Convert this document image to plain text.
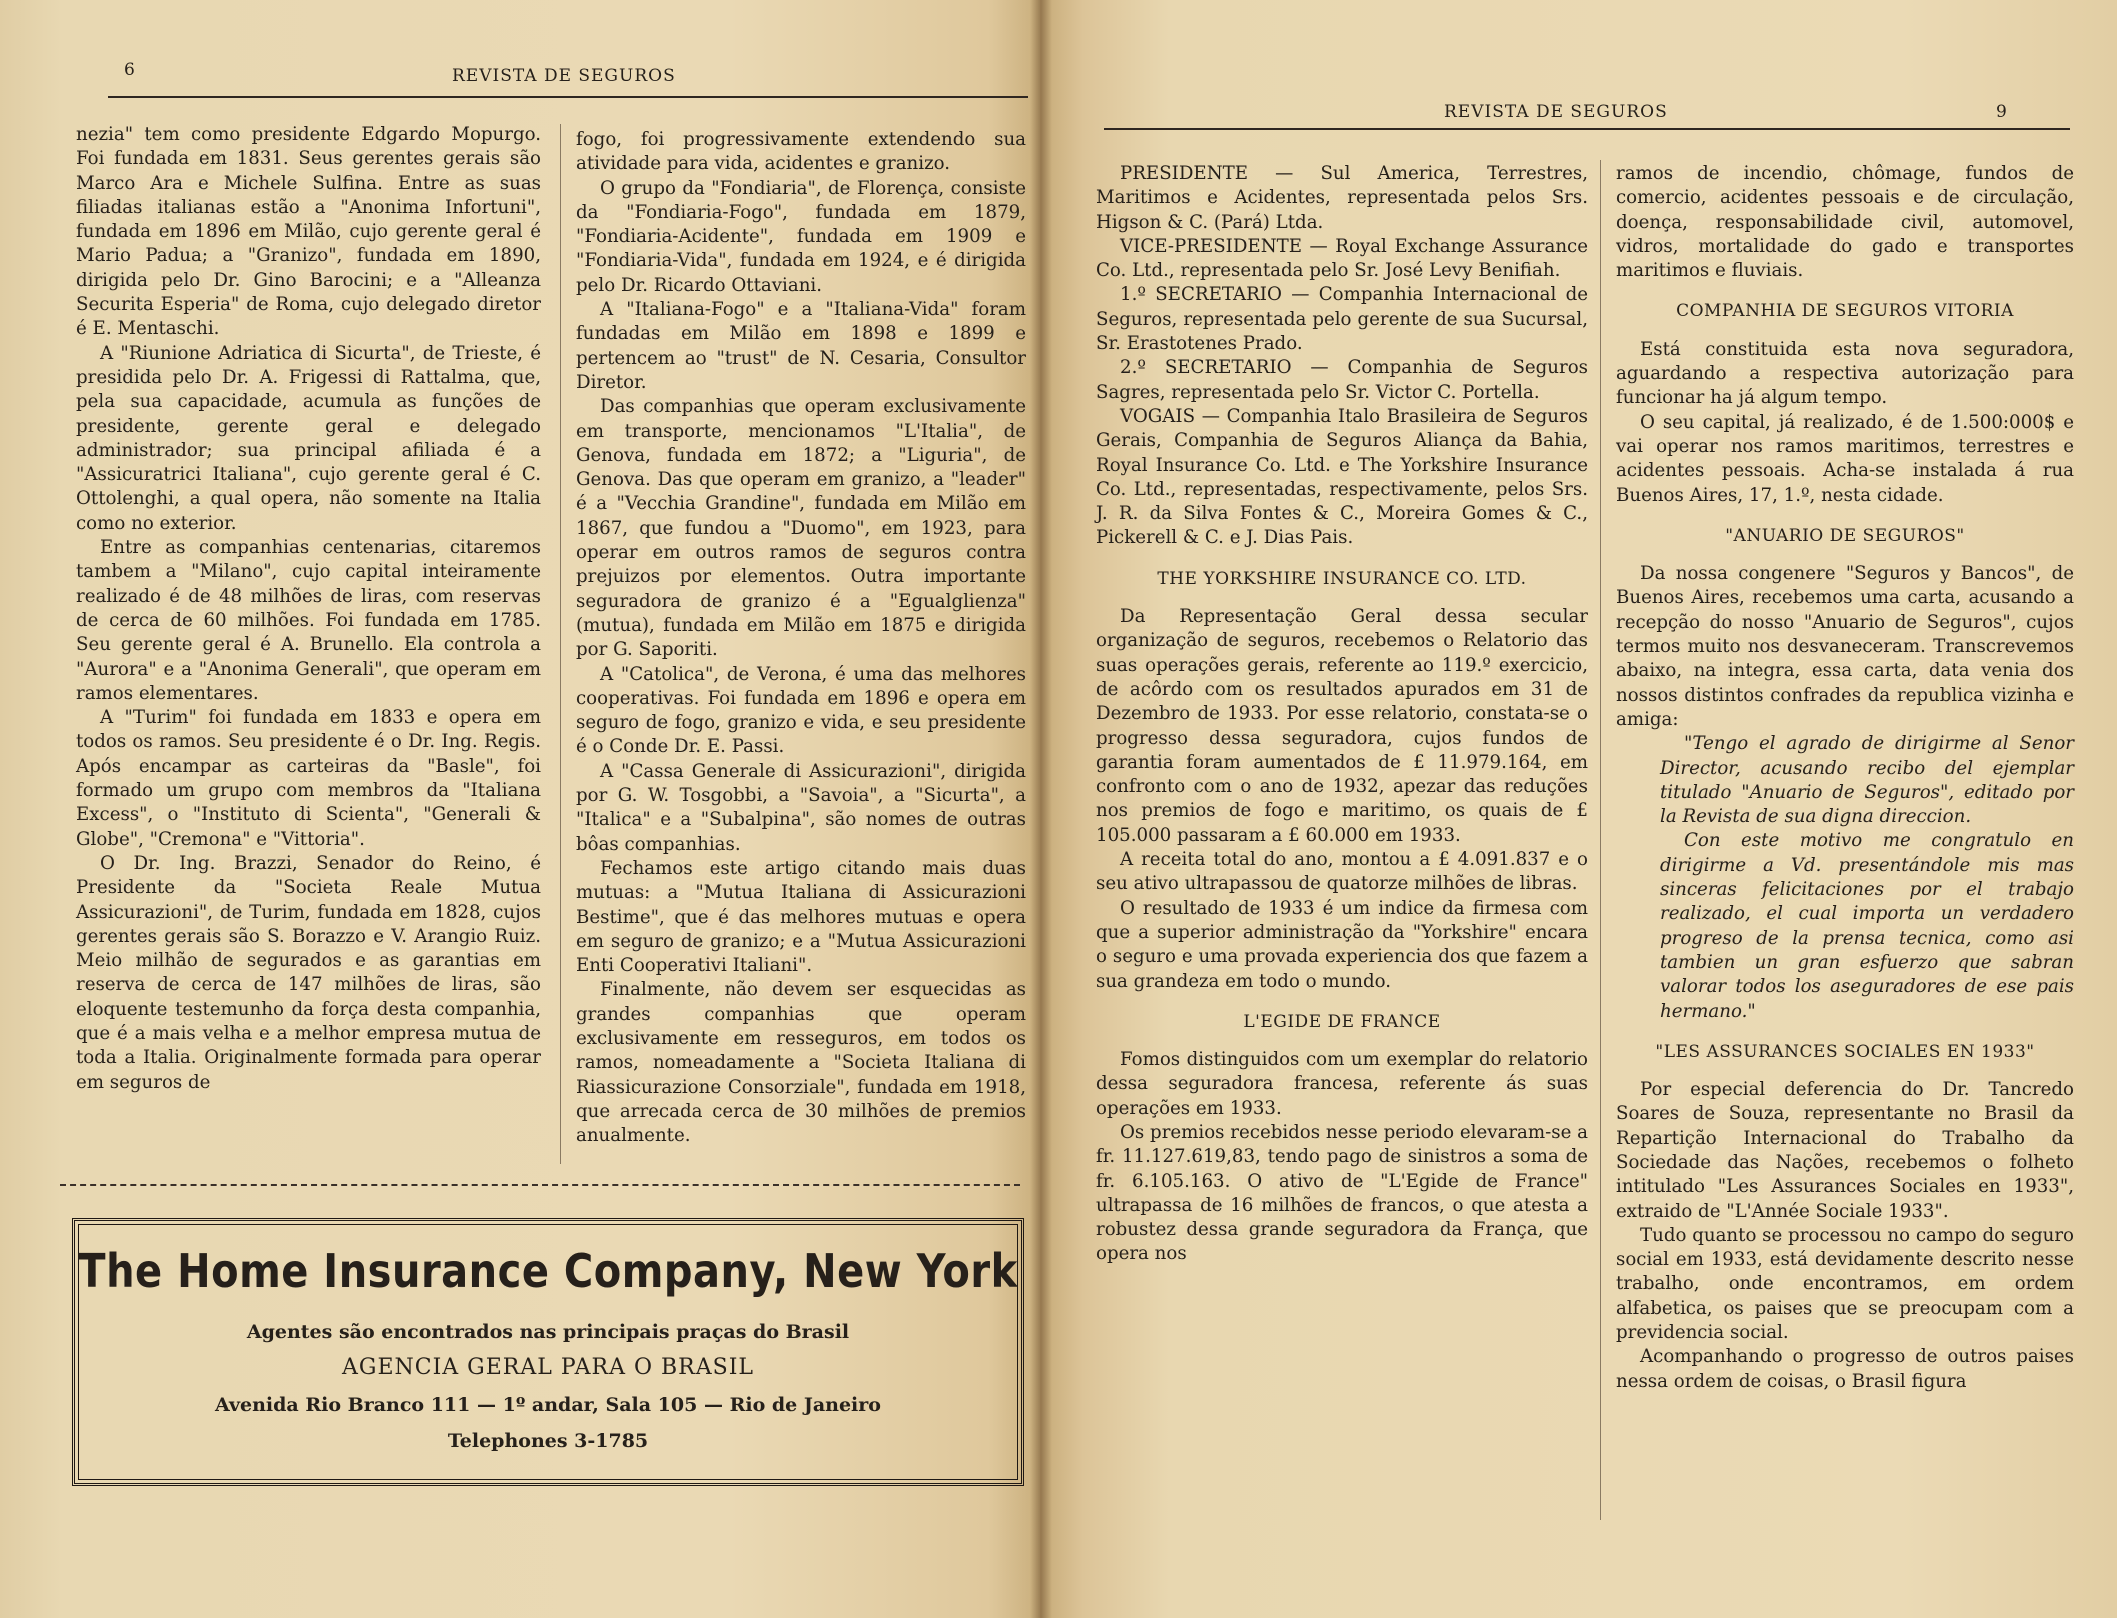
6	REVISTA DE SEGUROS

nezia" tem como presidente Edgardo Mopurgo. Foi fundada em 1831. Seus gerentes gerais são Marco Ara e Michele Sulfina. Entre as suas filiadas italianas estão a "Anonima Infortuni", fundada em 1896 em Milão, cujo gerente geral é Mario Padua; a "Granizo", fundada em 1890, dirigida pelo Dr. Gino Barocini; e a "Alleanza Securita Esperia" de Roma, cujo delegado diretor é E. Mentaschi.

A "Riunione Adriatica di Sicurta", de Trieste, é presidida pelo Dr. A. Frigessi di Rattalma, que, pela sua capacidade, acumula as funções de presidente, gerente geral e delegado administrador; sua principal afiliada é a "Assicuratrici Italiana", cujo gerente geral é C. Ottolenghi, a qual opera, não somente na Italia como no exterior.

Entre as companhias centenarias, citaremos tambem a "Milano", cujo capital inteiramente realizado é de 48 milhões de liras, com reservas de cerca de 60 milhões. Foi fundada em 1785. Seu gerente geral é A. Brunello. Ela controla a "Aurora" e a "Anonima Generali", que operam em ramos elementares.

A "Turim" foi fundada em 1833 e opera em todos os ramos. Seu presidente é o Dr. Ing. Regis. Após encampar as carteiras da "Basle", foi formado um grupo com membros da "Italiana Excess", o "Instituto di Scienta", "Generali & Globe", "Cremona" e "Vittoria".

O Dr. Ing. Brazzi, Senador do Reino, é Presidente da "Societa Reale Mutua Assicurazioni", de Turim, fundada em 1828, cujos gerentes gerais são S. Borazzo e V. Arangio Ruiz. Meio milhão de segurados e as garantias em reserva de cerca de 147 milhões de liras, são eloquente testemunho da força desta companhia, que é a mais velha e a melhor empresa mutua de toda a Italia. Originalmente formada para operar em seguros de

fogo, foi progressivamente extendendo sua atividade para vida, acidentes e granizo.

O grupo da "Fondiaria", de Florença, consiste da "Fondiaria-Fogo", fundada em 1879, "Fondiaria-Acidente", fundada em 1909 e "Fondiaria-Vida", fundada em 1924, e é dirigida pelo Dr. Ricardo Ottaviani.

A "Italiana-Fogo" e a "Italiana-Vida" foram fundadas em Milão em 1898 e 1899 e pertencem ao "trust" de N. Cesaria, Consultor Diretor.

Das companhias que operam exclusivamente em transporte, mencionamos "L'Italia", de Genova, fundada em 1872; a "Liguria", de Genova. Das que operam em granizo, a "leader" é a "Vecchia Grandine", fundada em Milão em 1867, que fundou a "Duomo", em 1923, para operar em outros ramos de seguros contra prejuizos por elementos. Outra importante seguradora de granizo é a "Egualglienza" (mutua), fundada em Milão em 1875 e dirigida por G. Saporiti.

A "Catolica", de Verona, é uma das melhores cooperativas. Foi fundada em 1896 e opera em seguro de fogo, granizo e vida, e seu presidente é o Conde Dr. E. Passi.

A "Cassa Generale di Assicurazioni", dirigida por G. W. Tosgobbi, a "Savoia", a "Sicurta", a "Italica" e a "Subalpina", são nomes de outras bôas companhias.

Fechamos este artigo citando mais duas mutuas: a "Mutua Italiana di Assicurazioni Bestime", que é das melhores mutuas e opera em seguro de granizo; e a "Mutua Assicurazioni Enti Cooperativi Italiani".

Finalmente, não devem ser esquecidas as grandes companhias que operam exclusivamente em resseguros, em todos os ramos, nomeadamente a "Societa Italiana di Riassicurazione Consorziale", fundada em 1918, que arrecada cerca de 30 milhões de premios anualmente.

The Home Insurance Company, New York
Agentes são encontrados nas principais praças do Brasil
AGENCIA GERAL PARA O BRASIL
Avenida Rio Branco 111 — 1º andar, Sala 105 — Rio de Janeiro
Telephones 3-1785
REVISTA DE SEGUROS	9

PRESIDENTE — Sul America, Terrestres, Maritimos e Acidentes, representada pelos Srs. Higson & C. (Pará) Ltda.

VICE-PRESIDENTE — Royal Exchange Assurance Co. Ltd., representada pelo Sr. José Levy Benifiah.

1.º SECRETARIO — Companhia Internacional de Seguros, representada pelo gerente de sua Sucursal, Sr. Erastotenes Prado.

2.º SECRETARIO — Companhia de Seguros Sagres, representada pelo Sr. Victor C. Portella.

VOGAIS — Companhia Italo Brasileira de Seguros Gerais, Companhia de Seguros Aliança da Bahia, Royal Insurance Co. Ltd. e The Yorkshire Insurance Co. Ltd., representadas, respectivamente, pelos Srs. J. R. da Silva Fontes & C., Moreira Gomes & C., Pickerell & C. e J. Dias Pais.

THE YORKSHIRE INSURANCE CO. LTD.

Da Representação Geral dessa secular organização de seguros, recebemos o Relatorio das suas operações gerais, referente ao 119.º exercicio, de acôrdo com os resultados apurados em 31 de Dezembro de 1933. Por esse relatorio, constata-se o progresso dessa seguradora, cujos fundos de garantia foram aumentados de £ 11.979.164, em confronto com o ano de 1932, apezar das reduções nos premios de fogo e maritimo, os quais de £ 105.000 passaram a £ 60.000 em 1933.

A receita total do ano, montou a £ 4.091.837 e o seu ativo ultrapassou de quatorze milhões de libras.

O resultado de 1933 é um indice da firmesa com que a superior administração da "Yorkshire" encara o seguro e uma provada experiencia dos que fazem a sua grandeza em todo o mundo.

L'EGIDE DE FRANCE

Fomos distinguidos com um exemplar do relatorio dessa seguradora francesa, referente ás suas operações em 1933.

Os premios recebidos nesse periodo elevaram-se a fr. 11.127.619,83, tendo pago de sinistros a soma de fr. 6.105.163. O ativo de "L'Egide de France" ultrapassa de 16 milhões de francos, o que atesta a robustez dessa grande seguradora da França, que opera nos

ramos de incendio, chômage, fundos de comercio, acidentes pessoais e de circulação, doença, responsabilidade civil, automovel, vidros, mortalidade do gado e transportes maritimos e fluviais.

COMPANHIA DE SEGUROS VITORIA

Está constituida esta nova seguradora, aguardando a respectiva autorização para funcionar ha já algum tempo.

O seu capital, já realizado, é de 1.500:000$ e vai operar nos ramos maritimos, terrestres e acidentes pessoais. Acha-se instalada á rua Buenos Aires, 17, 1.º, nesta cidade.

"ANUARIO DE SEGUROS"

Da nossa congenere "Seguros y Bancos", de Buenos Aires, recebemos uma carta, acusando a recepção do nosso "Anuario de Seguros", cujos termos muito nos desvaneceram. Transcrevemos abaixo, na integra, essa carta, data venia dos nossos distintos confrades da republica vizinha e amiga:

"Tengo el agrado de dirigirme al Senor Director, acusando recibo del ejemplar titulado "Anuario de Seguros", editado por la Revista de sua digna direccion.

Con este motivo me congratulo en dirigirme a Vd. presentándole mis mas sinceras felicitaciones por el trabajo realizado, el cual importa un verdadero progreso de la prensa tecnica, como asi tambien un gran esfuerzo que sabran valorar todos los aseguradores de ese pais hermano."

"LES ASSURANCES SOCIALES EN 1933"

Por especial deferencia do Dr. Tancredo Soares de Souza, representante no Brasil da Repartição Internacional do Trabalho da Sociedade das Nações, recebemos o folheto intitulado "Les Assurances Sociales en 1933", extraido de "L'Année Sociale 1933".

Tudo quanto se processou no campo do seguro social em 1933, está devidamente descrito nesse trabalho, onde encontramos, em ordem alfabetica, os paises que se preocupam com a previdencia social.

Acompanhando o progresso de outros paises nessa ordem de coisas, o Brasil figura
